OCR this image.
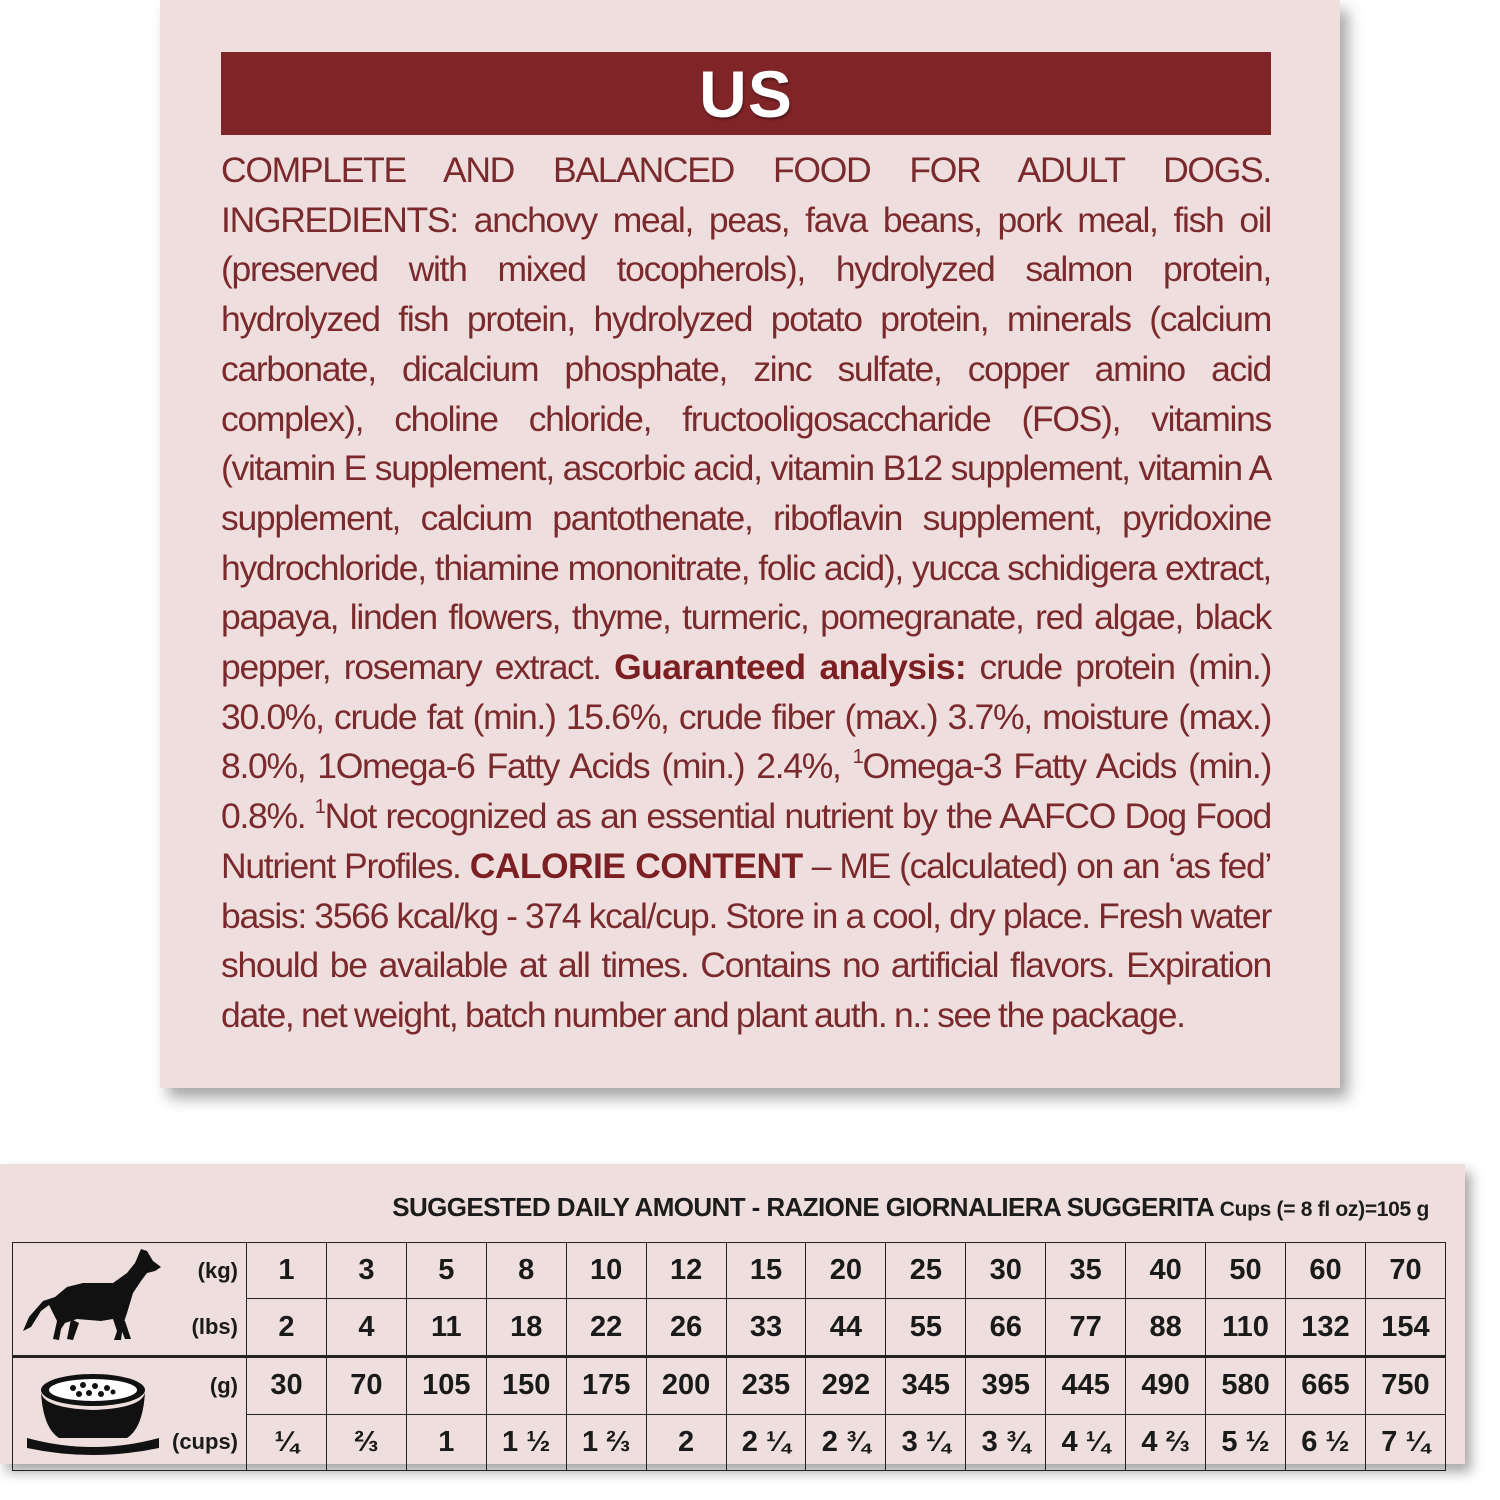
US
COMPLETE AND BALANCED FOOD FOR ADULT DOGS. INGREDIENTS: anchovy meal, peas, fava beans, pork meal, fish oil (preserved with mixed tocopherols), hydrolyzed salmon protein, hydrolyzed fish protein, hydrolyzed potato protein, minerals (calcium carbonate, dicalcium phosphate, zinc sulfate, copper amino acid complex), choline chloride, fructooligosaccharide (FOS), vitamins (vitamin E supplement, ascorbic acid, vitamin B12 supplement, vitamin A supplement, calcium pantothenate, riboflavin supplement, pyridoxine hydrochloride, thiamine mononitrate, folic acid), yucca schidigera extract, papaya, linden flowers, thyme, turmeric, pomegranate, red algae, black pepper, rosemary extract. Guaranteed analysis: crude protein (min.) 30.0%, crude fat (min.) 15.6%, crude fiber (max.) 3.7%, moisture (max.) 8.0%, 1Omega-6 Fatty Acids (min.) 2.4%, $^1$Omega-3 Fatty Acids (min.) 0.8%. $^1$Not recognized as an essential nutrient by the AAFCO Dog Food Nutrient Profiles. CALORIE CONTENT – ME (calculated) on an ‘as fed’ basis: 3566 kcal/kg - 374 kcal/cup. Store in a cool, dry place. Fresh water should be available at all times. Contains no artificial flavors. Expiration date, net weight, batch number and plant auth. n.: see the package.
SUGGESTED DAILY AMOUNT - RAZIONE GIORNALIERA SUGGERITA Cups (= 8 fl oz)=105 g
	(kg)	1	3	5	8	10	12	15	20	25	30	35	40	50	60	70
	(lbs)	2	4	11	18	22	26	33	44	55	66	77	88	110	132	154
	(g)	30	70	105	150	175	200	235	292	345	395	445	490	580	665	750
	(cups)	¼	⅔	1	1 ½	1 ⅔	2	2 ¼	2 ¾	3 ¼	3 ¾	4 ¼	4 ⅔	5 ½	6 ½	7 ¼
